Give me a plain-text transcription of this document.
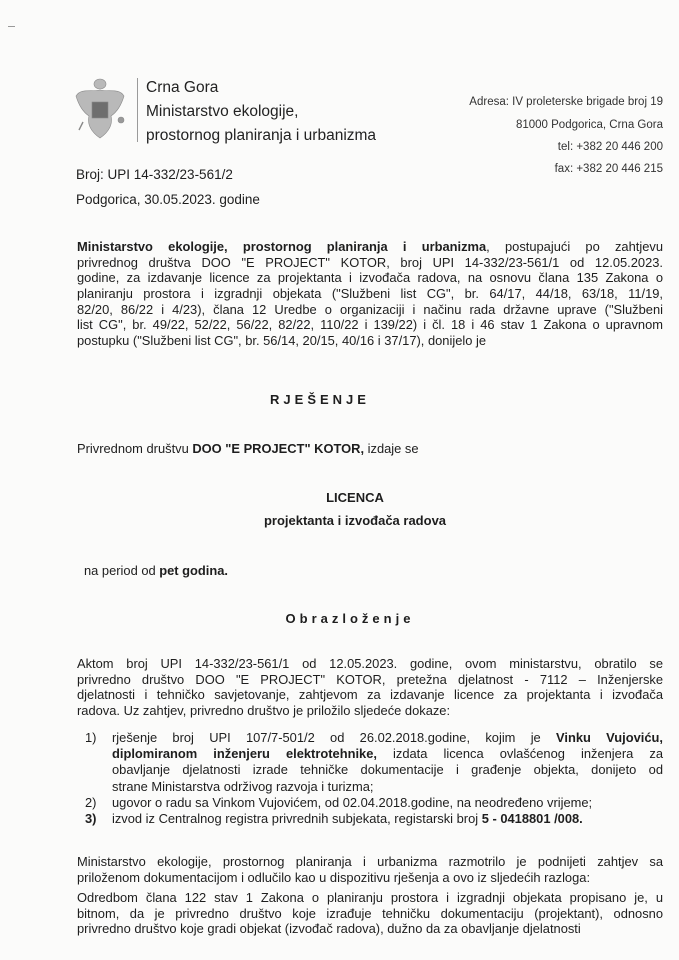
Crna Gora
Ministarstvo ekologije,
prostornog planiranja i urbanizma
Adresa: IV proleterske brigade broj 19
81000 Podgorica, Crna Gora
tel: +382 20 446 200
fax: +382 20 446 215
Broj: UPI 14-332/23-561/2
Podgorica, 30.05.2023. godine
Ministarstvo ekologije, prostornog planiranja i urbanizma, postupajući po zahtjevu
privrednog društva DOO "E PROJECT" KOTOR, broj UPI 14-332/23-561/1 od 12.05.2023.
godine, za izdavanje licence za projektanta i izvođača radova, na osnovu člana 135 Zakona o
planiranju prostora i izgradnji objekata ("Službeni list CG", br. 64/17, 44/18, 63/18, 11/19,
82/20, 86/22 i 4/23), člana 12 Uredbe o organizaciji i načinu rada državne uprave ("Službeni
list CG", br. 49/22, 52/22, 56/22, 82/22, 110/22 i 139/22) i čl. 18 i 46 stav 1 Zakona o upravnom
postupku ("Službeni list CG", br. 56/14, 20/15, 40/16 i 37/17), donijelo je
RJEŠENJE
Privrednom društvu DOO "E PROJECT" KOTOR, izdaje se
LICENCA
projektanta i izvođača radova
na period od pet godina.
Obrazloženje
Aktom broj UPI 14-332/23-561/1 od 12.05.2023. godine, ovom ministarstvu, obratilo se
privredno društvo DOO "E PROJECT" KOTOR, pretežna djelatnost - 7112 – Inženjerske
djelatnosti i tehničko savjetovanje, zahtjevom za izdavanje licence za projektanta i izvođača
radova. Uz zahtjev, privredno društvo je priložilo sljedeće dokaze:
1)	rješenje broj UPI 107/7-501/2 od 26.02.2018.godine, kojim je Vinku Vujoviću,
diplomiranom inženjeru elektrotehnike, izdata licenca ovlašćenog inženjera za
obavljanje djelatnosti izrade tehničke dokumentacije i građenje objekta, donijeto od
strane Ministarstva održivog razvoja i turizma;
2)	ugovor o radu sa Vinkom Vujovićem, od 02.04.2018.godine, na neodređeno vrijeme;
3)	izvod iz Centralnog registra privrednih subjekata, registarski broj 5 - 0418801 /008.
Ministarstvo ekologije, prostornog planiranja i urbanizma razmotrilo je podnijeti zahtjev sa
priloženom dokumentacijom i odlučilo kao u dispozitivu rješenja a ovo iz sljedećih razloga:
Odredbom člana 122 stav 1 Zakona o planiranju prostora i izgradnji objekata propisano je, u
bitnom, da je privredno društvo koje izrađuje tehničku dokumentaciju (projektant), odnosno
privredno društvo koje gradi objekat (izvođač radova), dužno da za obavljanje djelatnosti
